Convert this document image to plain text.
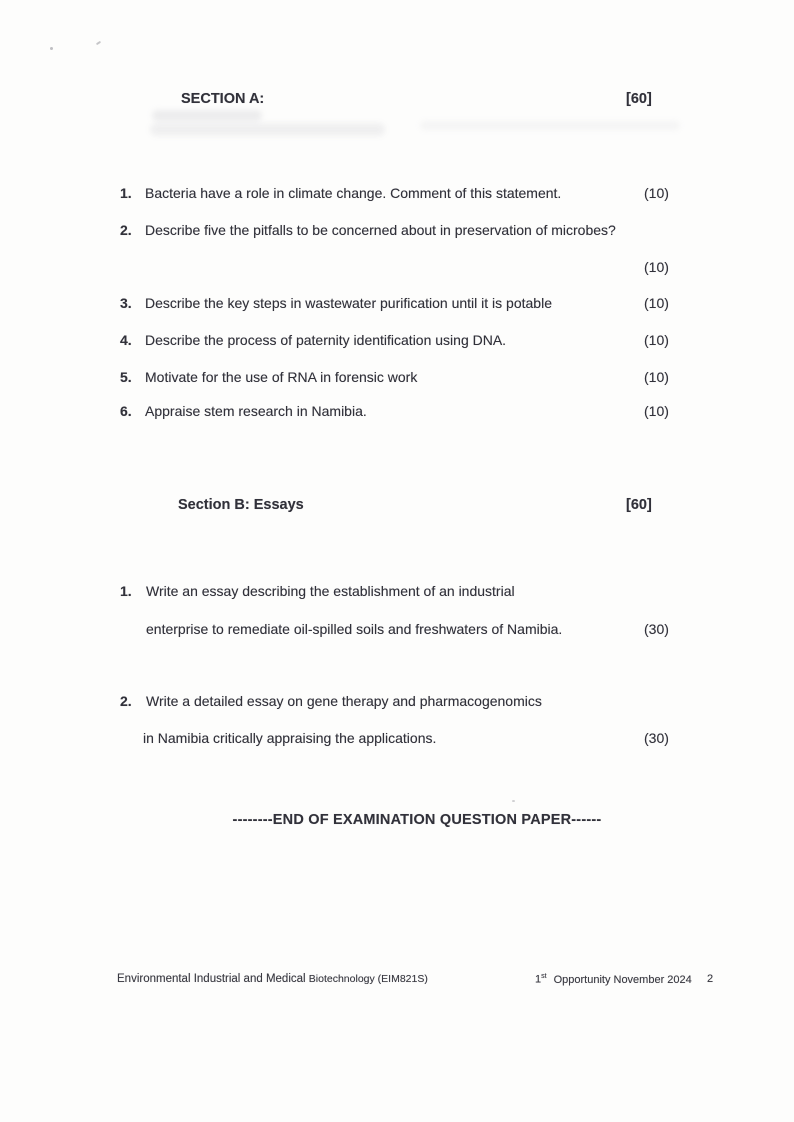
SECTION A:	[60]
1. Bacteria have a role in climate change. Comment of this statement.	(10)
2. Describe five the pitfalls to be concerned about in preservation of microbes?
(10)
3. Describe the key steps in wastewater purification until it is potable	(10)
4. Describe the process of paternity identification using DNA.	(10)
5. Motivate for the use of RNA in forensic work	(10)
6. Appraise stem research in Namibia.	(10)
Section B: Essays	[60]
1. Write an essay describing the establishment of an industrial
enterprise to remediate oil-spilled soils and freshwaters of Namibia.	(30)
2. Write a detailed essay on gene therapy and pharmacogenomics
in Namibia critically appraising the applications.	(30)
--------END OF EXAMINATION QUESTION PAPER------
Environmental Industrial and Medical Biotechnology (EIM821S)	1st Opportunity November 2024 2
